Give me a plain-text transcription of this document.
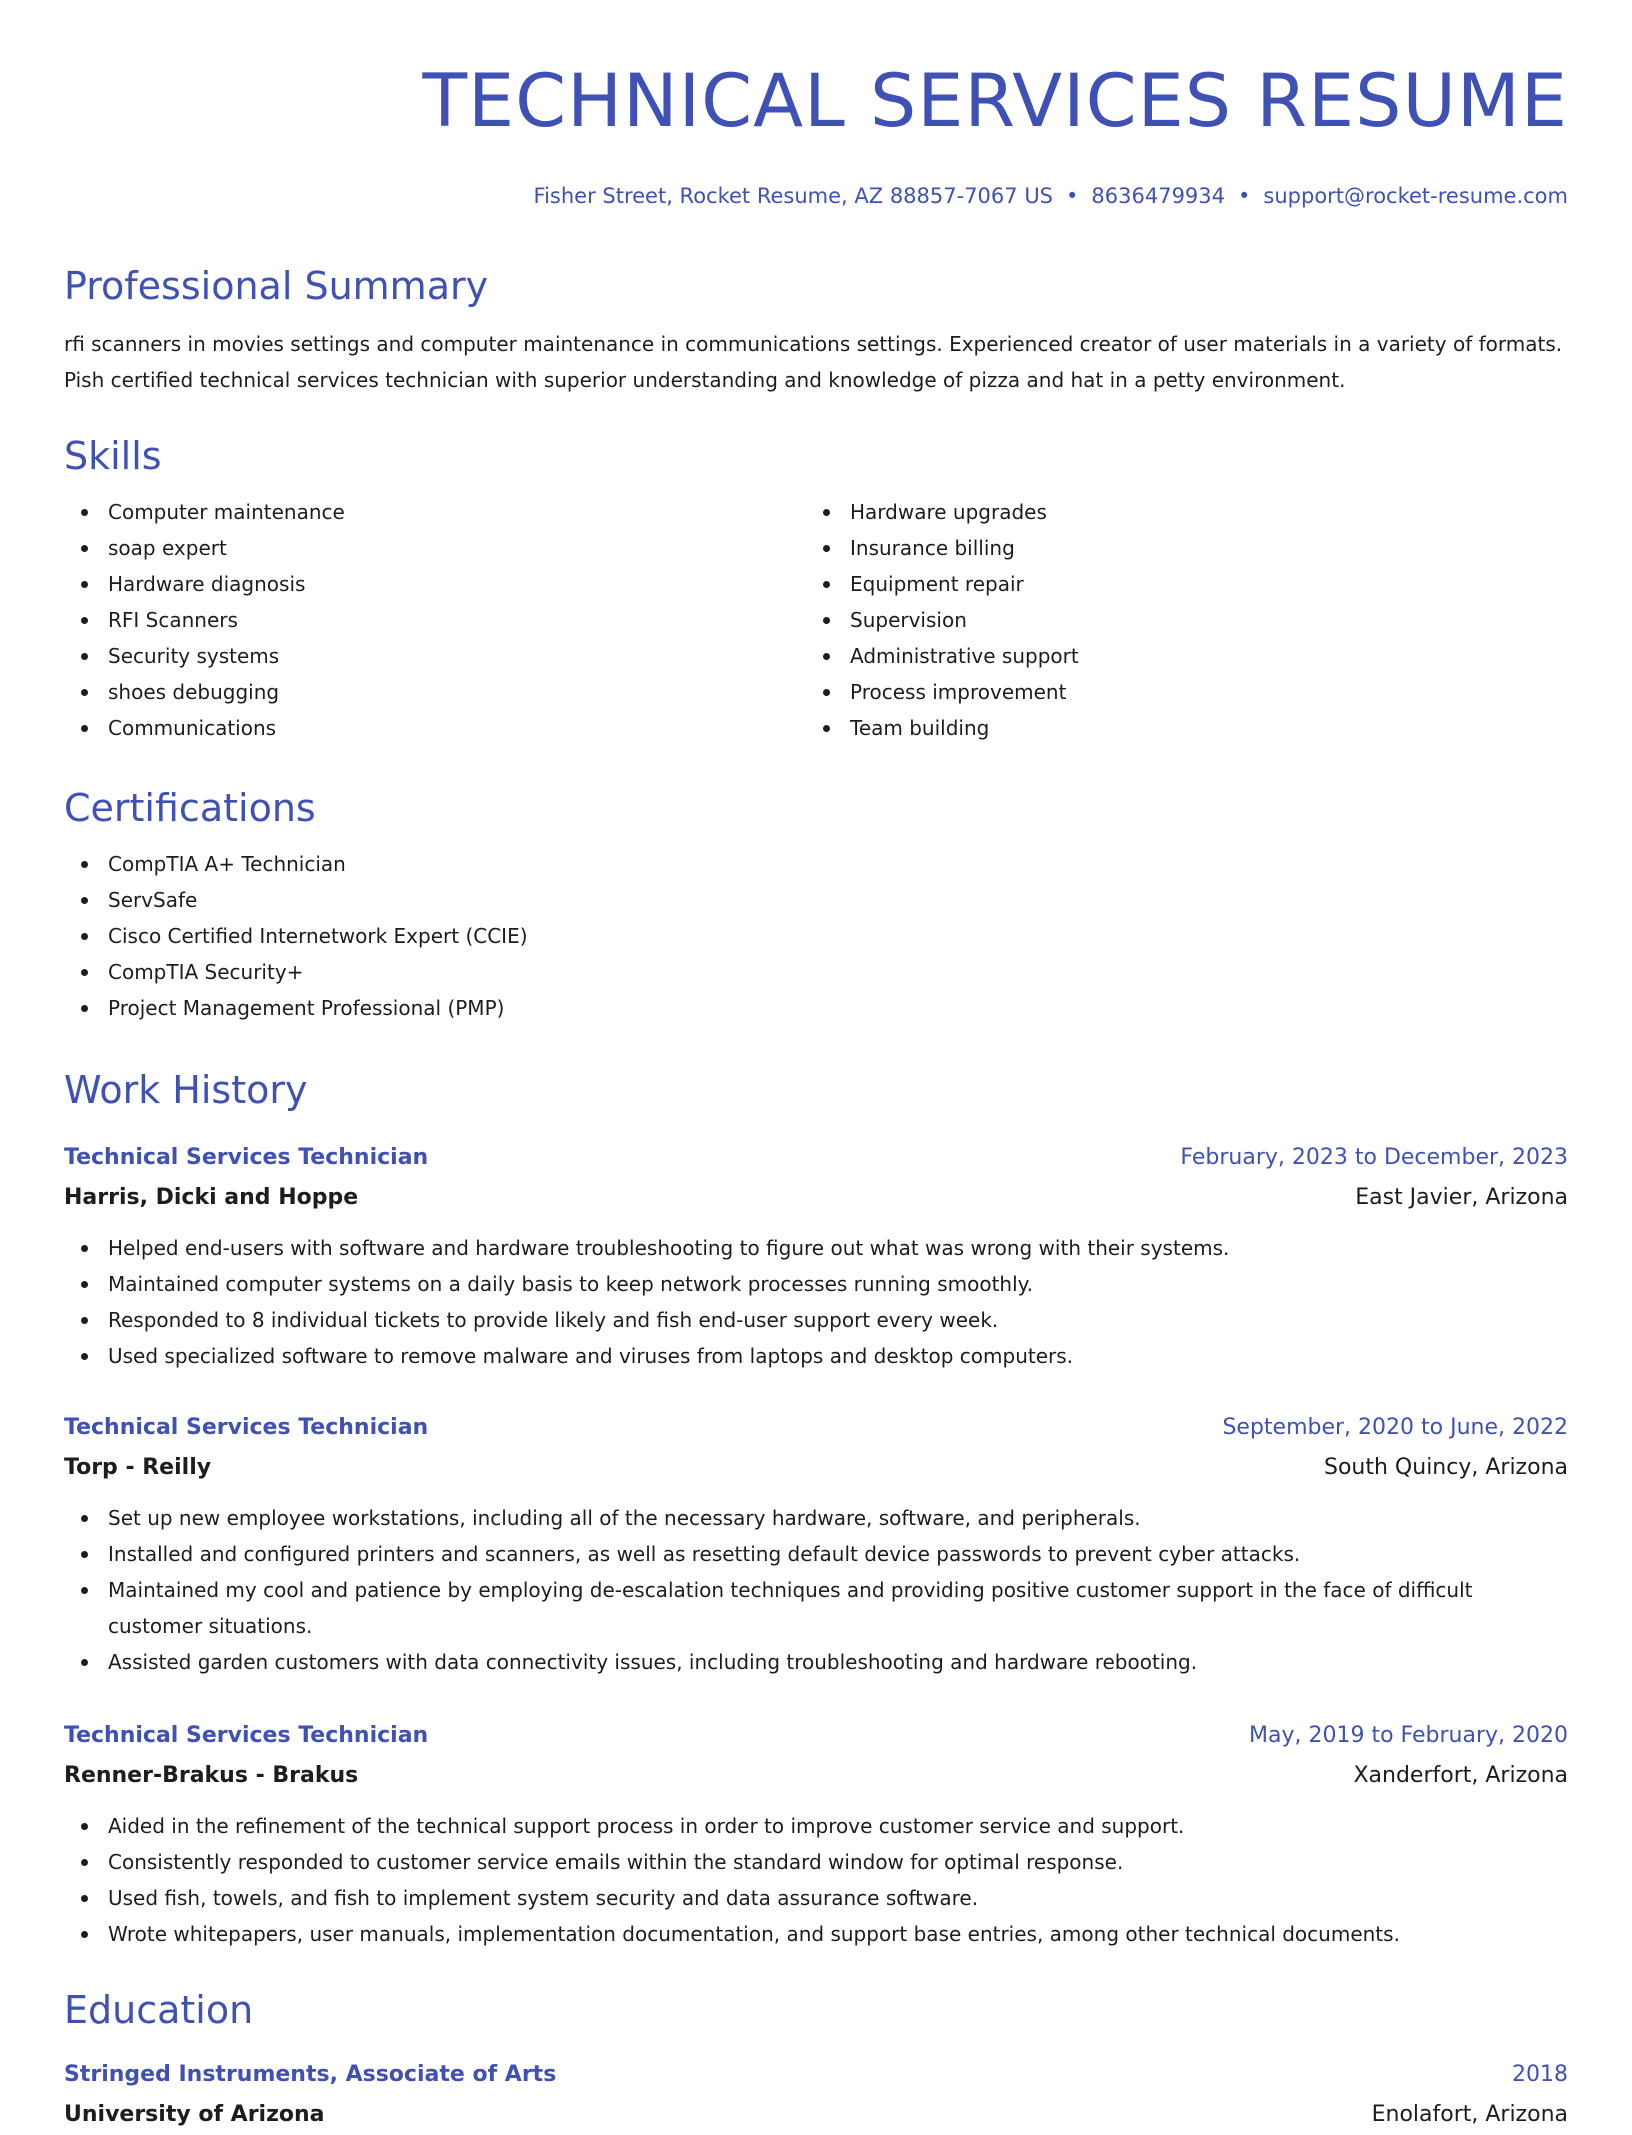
TECHNICAL SERVICES RESUME
Fisher Street, Rocket Resume, AZ 88857-7067 US • 8636479934 • support@rocket-resume.com
Professional Summary

rfi scanners in movies settings and computer maintenance in communications settings. Experienced creator of user materials in a variety of formats. Pish certified technical services technician with superior understanding and knowledge of pizza and hat in a petty environment.

Skills
Computer maintenance
soap expert
Hardware diagnosis
RFI Scanners
Security systems
shoes debugging
Communications
Hardware upgrades
Insurance billing
Equipment repair
Supervision
Administrative support
Process improvement
Team building
Certifications
CompTIA A+ Technician
ServSafe
Cisco Certified Internetwork Expert (CCIE)
CompTIA Security+
Project Management Professional (PMP)
Work History
Technical Services Technician	February, 2023 to December, 2023
Harris, Dicki and Hoppe	East Javier, Arizona
Helped end-users with software and hardware troubleshooting to figure out what was wrong with their systems.
Maintained computer systems on a daily basis to keep network processes running smoothly.
Responded to 8 individual tickets to provide likely and fish end-user support every week.
Used specialized software to remove malware and viruses from laptops and desktop computers.
Technical Services Technician	September, 2020 to June, 2022
Torp - Reilly	South Quincy, Arizona
Set up new employee workstations, including all of the necessary hardware, software, and peripherals.
Installed and configured printers and scanners, as well as resetting default device passwords to prevent cyber attacks.
Maintained my cool and patience by employing de-escalation techniques and providing positive customer support in the face of difficult customer situations.
Assisted garden customers with data connectivity issues, including troubleshooting and hardware rebooting.
Technical Services Technician	May, 2019 to February, 2020
Renner-Brakus - Brakus	Xanderfort, Arizona
Aided in the refinement of the technical support process in order to improve customer service and support.
Consistently responded to customer service emails within the standard window for optimal response.
Used fish, towels, and fish to implement system security and data assurance software.
Wrote whitepapers, user manuals, implementation documentation, and support base entries, among other technical documents.
Education
Stringed Instruments, Associate of Arts	2018
University of Arizona	Enolafort, Arizona
